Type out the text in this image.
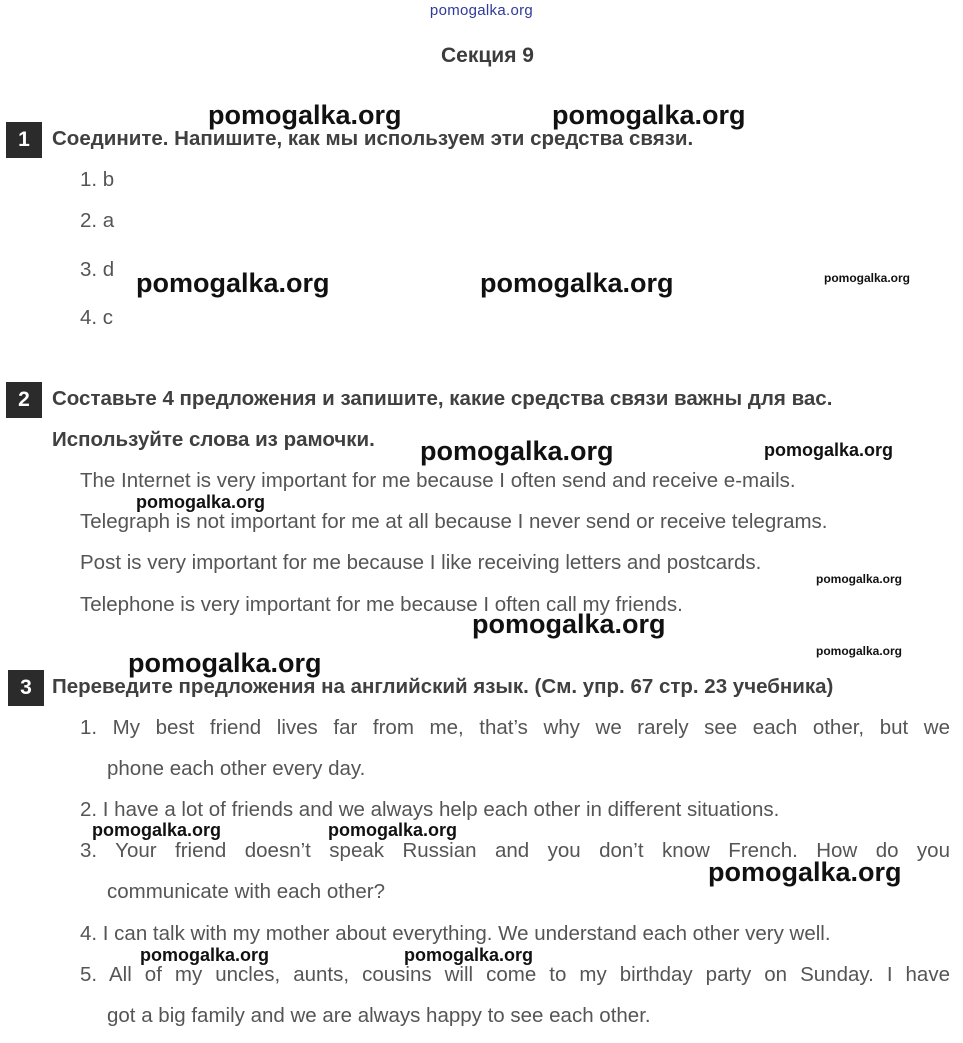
pomogalka.org
Секция 9
1	Соедините. Напишите, как мы используем эти средства связи.
1. b
2. a
3. d
4. c
2	Составьте 4 предложения и запишите, какие средства связи важны для вас.
Используйте слова из рамочки.
The Internet is very important for me because I often send and receive e-mails.
Telegraph is not important for me at all because I never send or receive telegrams.
Post is very important for me because I like receiving letters and postcards.
Telephone is very important for me because I often call my friends.
3 Переведите предложения на английский язык. (См. упр. 67 стр. 23 учебника)
1. My best friend lives far from me, that’s why we rarely see each other, but we
phone each other every day.
2. I have a lot of friends and we always help each other in different situations.
3. Your friend doesn’t speak Russian and you don’t know French. How do you
communicate with each other?
4. I can talk with my mother about everything. We understand each other very well.
5. All of my uncles, aunts, cousins will come to my birthday party on Sunday. I have
got a big family and we are always happy to see each other.
pomogalka.org	pomogalka.org
pomogalka.org	pomogalka.org	pomogalka.org
pomogalka.org	pomogalka.org
pomogalka.org
pomogalka.org
pomogalka.org
pomogalka.org
pomogalka.org
pomogalka.org	pomogalka.org
pomogalka.org
pomogalka.org	pomogalka.org
